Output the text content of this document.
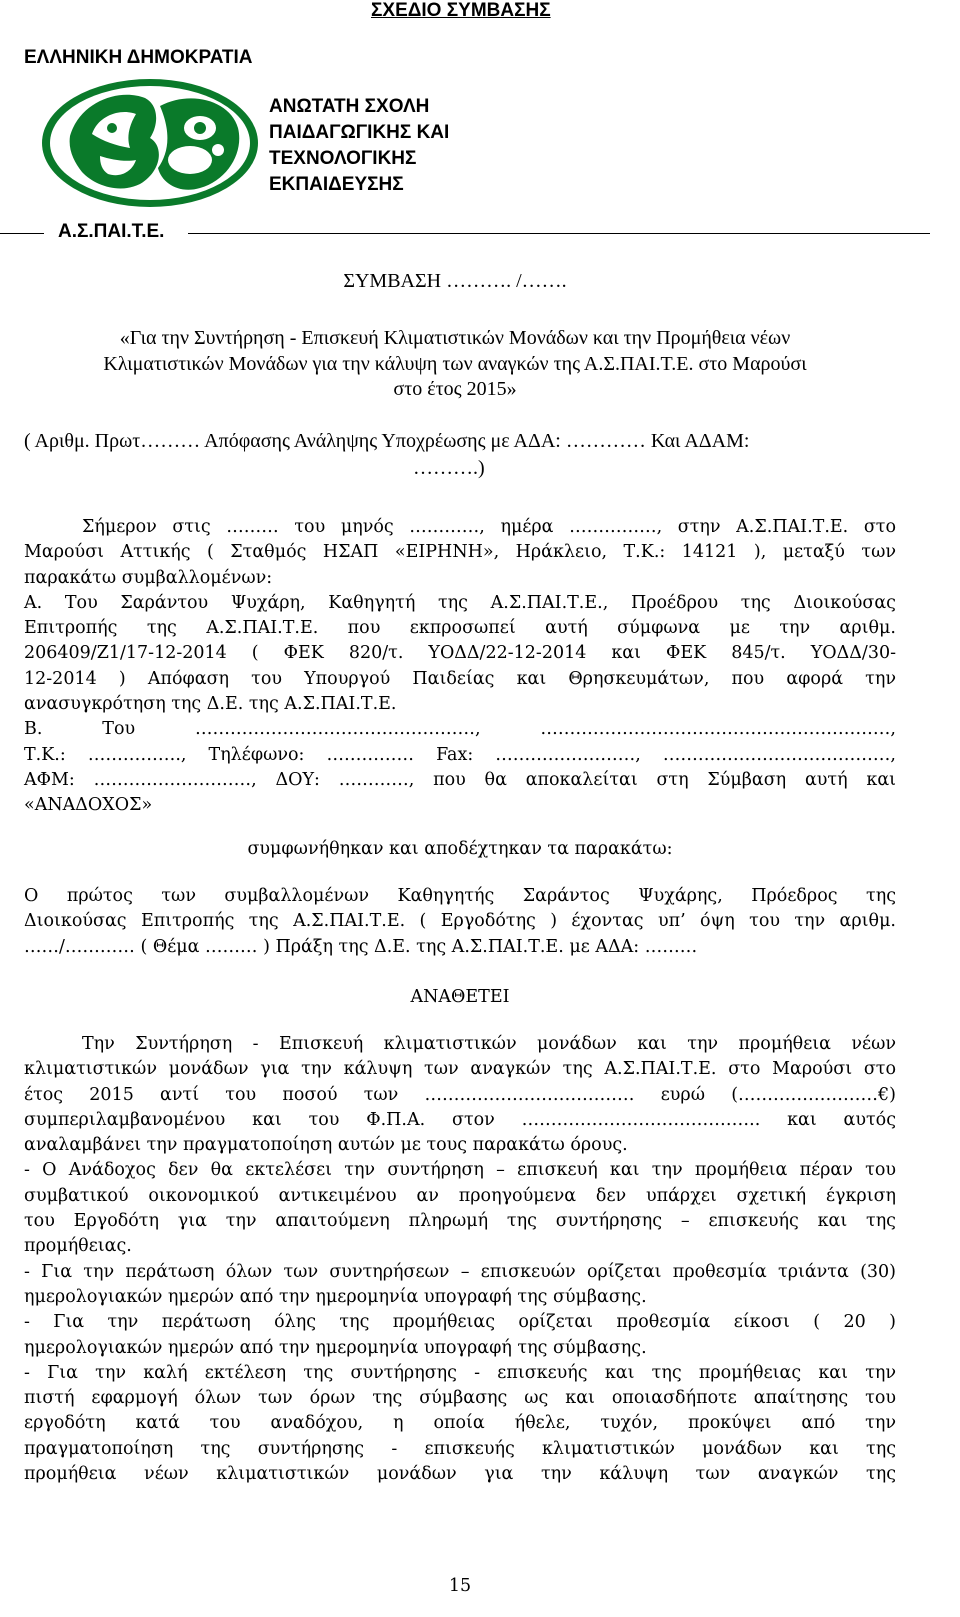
ΣΧΕΔΙΟ ΣΥΜΒΑΣΗΣ
ΕΛΛΗΝΙΚΗ ΔΗΜΟΚΡΑΤΙΑ
ΑΝΩΤΑΤΗ ΣΧΟΛΗ
ΠΑΙΔΑΓΩΓΙΚΗΣ ΚΑΙ
ΤΕΧΝΟΛΟΓΙΚΗΣ
ΕΚΠΑΙΔΕΥΣΗΣ
Α.Σ.ΠΑΙ.Τ.Ε.
ΣΥΜΒΑΣΗ ………. /…….
«Για την Συντήρηση - Επισκευή Κλιματιστικών Μονάδων και την Προμήθεια νέων
Κλιματιστικών Μονάδων για την κάλυψη των αναγκών της Α.Σ.ΠΑΙ.Τ.Ε. στο Μαρούσι
στο έτος 2015»
( Αριθμ. Πρωτ……… Απόφασης Ανάληψης Υποχρέωσης με ΑΔΑ: ………… Και ΑΔΑΜ:
……….)
Σήμερον στις ……… του μηνός …………, ημέρα ……………, στην Α.Σ.ΠΑΙ.Τ.Ε. στο
Μαρούσι Αττικής ( Σταθμός ΗΣΑΠ «ΕΙΡΗΝΗ», Ηράκλειο, Τ.Κ.: 14121 ), μεταξύ των
παρακάτω συμβαλλομένων:
Α. Του Σαράντου Ψυχάρη, Καθηγητή της Α.Σ.ΠΑΙ.Τ.Ε., Προέδρου της Διοικούσας
Επιτροπής της Α.Σ.ΠΑΙ.Τ.Ε. που εκπροσωπεί αυτή σύμφωνα με την αριθμ.
206409/Ζ1/17-12-2014 ( ΦΕΚ 820/τ. ΥΟΔΔ/22-12-2014 και ΦΕΚ 845/τ. ΥΟΔΔ/30-
12-2014 ) Απόφαση του Υπουργού Παιδείας και Θρησκευμάτων, που αφορά την
ανασυγκρότηση της Δ.Ε. της Α.Σ.ΠΑΙ.Τ.Ε.
Β. Του …………………………………………, ……………………………………………………,
Τ.Κ.: ……………., Τηλέφωνο: …………… Fax: ……………………, …………………………………,
ΑΦΜ: ………………………, ΔΟΥ: …………, που θα αποκαλείται στη Σύμβαση αυτή και
«ΑΝΑΔΟΧΟΣ»
συμφωνήθηκαν και αποδέχτηκαν τα παρακάτω:
Ο πρώτος των συμβαλλομένων Καθηγητής Σαράντος Ψυχάρης, Πρόεδρος της
Διοικούσας Επιτροπής της Α.Σ.ΠΑΙ.Τ.Ε. ( Εργοδότης ) έχοντας υπ’ όψη του την αριθμ.
……/………… ( Θέμα ……… ) Πράξη της Δ.Ε. της Α.Σ.ΠΑΙ.Τ.Ε. με ΑΔΑ: ………
ΑΝΑΘΕΤΕΙ
Την Συντήρηση - Επισκευή κλιματιστικών μονάδων και την προμήθεια νέων
κλιματιστικών μονάδων για την κάλυψη των αναγκών της Α.Σ.ΠΑΙ.Τ.Ε. στο Μαρούσι στο
έτος 2015 αντί του ποσού των ……………………………… ευρώ (……………………€)
συμπεριλαμβανομένου και του Φ.Π.Α. στον ………………………………….. και αυτός
αναλαμβάνει την πραγματοποίηση αυτών με τους παρακάτω όρους.
- Ο Ανάδοχος δεν θα εκτελέσει την συντήρηση – επισκευή και την προμήθεια πέραν του
συμβατικού οικονομικού αντικειμένου αν προηγούμενα δεν υπάρχει σχετική έγκριση
του Εργοδότη για την απαιτούμενη πληρωμή της συντήρησης – επισκευής και της
προμήθειας.
- Για την περάτωση όλων των συντηρήσεων – επισκευών ορίζεται προθεσμία τριάντα (30)
ημερολογιακών ημερών από την ημερομηνία υπογραφή της σύμβασης.
- Για την περάτωση όλης της προμήθειας ορίζεται προθεσμία είκοσι ( 20 )
ημερολογιακών ημερών από την ημερομηνία υπογραφή της σύμβασης.
- Για την καλή εκτέλεση της συντήρησης - επισκευής και της προμήθειας και την
πιστή εφαρμογή όλων των όρων της σύμβασης ως και οποιασδήποτε απαίτησης του
εργοδότη κατά του αναδόχου, η οποία ήθελε, τυχόν, προκύψει από την
πραγματοποίηση της συντήρησης - επισκευής κλιματιστικών μονάδων και της
προμήθεια νέων κλιματιστικών μονάδων για την κάλυψη των αναγκών της
15
